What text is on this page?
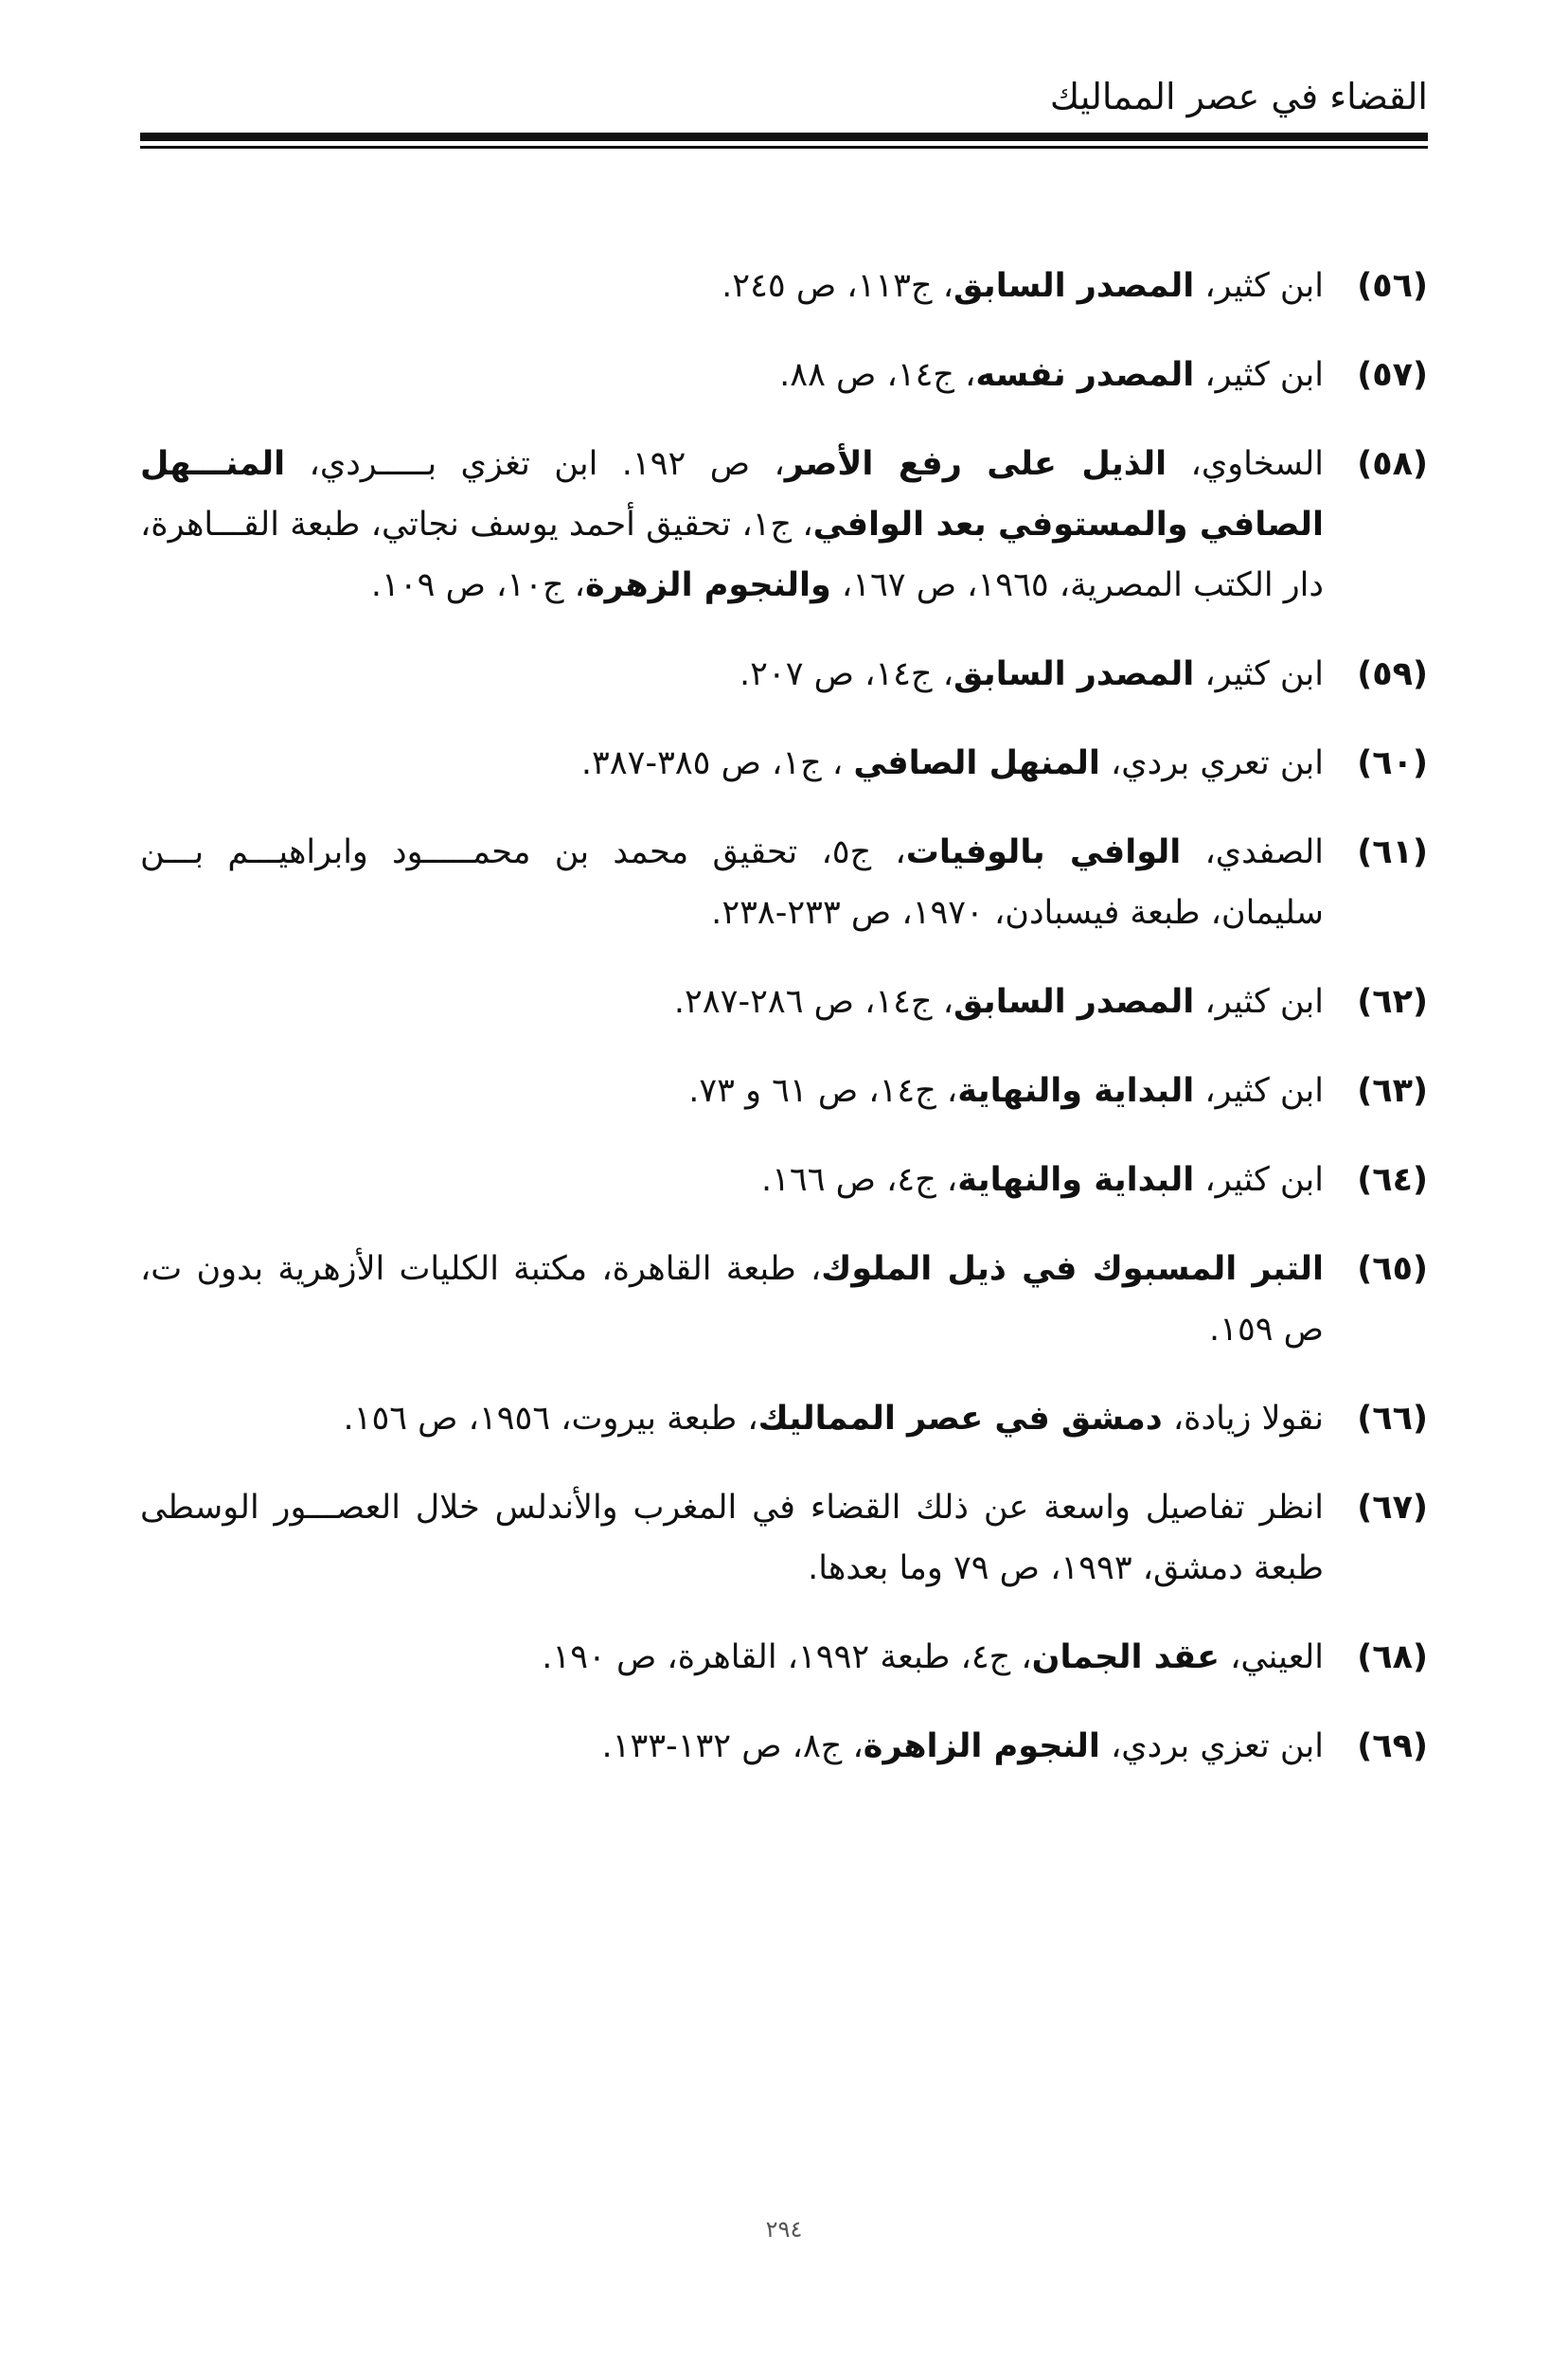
القضاء في عصر المماليك
(٥٦)
ابن كثير، المصدر السابق، ج١١٣، ص ٢٤٥.
(٥٧)
ابن كثير، المصدر نفسه، ج١٤، ص ٨٨.
(٥٨)
السخاوي، الذيل على رفع الأصر، ص ١٩٢. ابن تغزي بـــــردي، المنـــهل الصافي والمستوفي بعد الوافي، ج١، تحقيق أحمد يوسف نجاتي، طبعة القـــاهرة، دار الكتب المصرية، ١٩٦٥، ص ١٦٧، والنجوم الزهرة، ج١٠، ص ١٠٩.
(٥٩)
ابن كثير، المصدر السابق، ج١٤، ص ٢٠٧.
(٦٠)
ابن تعري بردي، المنهل الصافي ، ج١، ص ٣٨٥-٣٨٧.
(٦١)
الصفدي، الوافي بالوفيات، ج٥، تحقيق محمد بن محمـــــود وابراهيـــم بـــن سليمان، طبعة فيسبادن، ١٩٧٠، ص ٢٣٣-٢٣٨.
(٦٢)
ابن كثير، المصدر السابق، ج١٤، ص ٢٨٦-٢٨٧.
(٦٣)
ابن كثير، البداية والنهاية، ج١٤، ص ٦١ و ٧٣.
(٦٤)
ابن كثير، البداية والنهاية، ج٤، ص ١٦٦.
(٦٥)
التبر المسبوك في ذيل الملوك، طبعة القاهرة، مكتبة الكليات الأزهرية بدون ت، ص ١٥٩.
(٦٦)
نقولا زيادة، دمشق في عصر المماليك، طبعة بيروت، ١٩٥٦، ص ١٥٦.
(٦٧)
انظر تفاصيل واسعة عن ذلك القضاء في المغرب والأندلس خلال العصـــور الوسطى طبعة دمشق، ١٩٩٣، ص ٧٩ وما بعدها.
(٦٨)
العيني، عقد الجمان، ج٤، طبعة ١٩٩٢، القاهرة، ص ١٩٠.
(٦٩)
ابن تعزي بردي، النجوم الزاهرة، ج٨، ص ١٣٢-١٣٣.
٢٩٤
